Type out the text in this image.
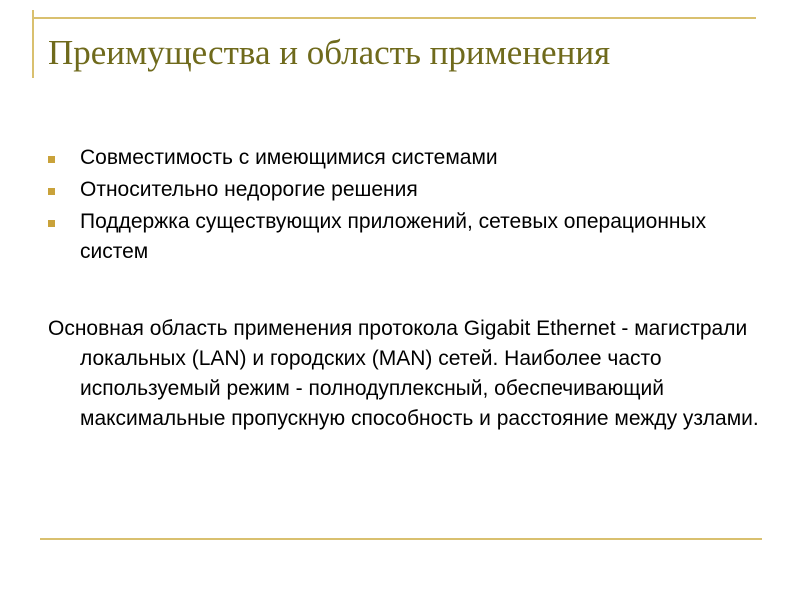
Преимущества и область применения
Совместимость с имеющимися системами
Относительно недорогие решения
Поддержка существующих приложений, сетевых операционных систем

Основная область применения протокола Gigabit Ethernet - магистрали локальных (LAN) и городских (MAN) сетей. Наиболее часто используемый режим - полнодуплексный, обеспечивающий максимальные пропускную способность и расстояние между узлами.
